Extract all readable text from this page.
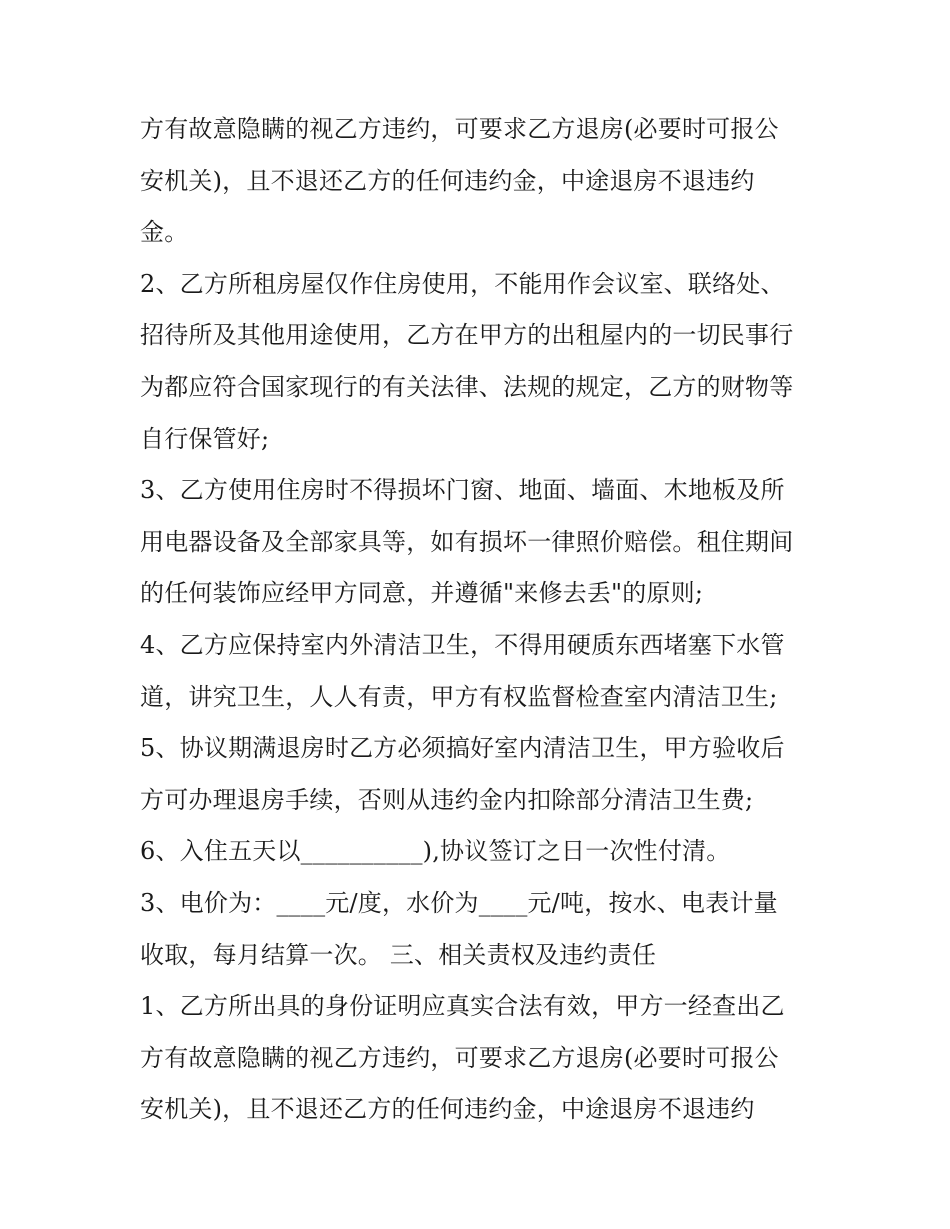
方有故意隐瞒的视乙方违约，可要求乙方退房(必要时可报公
安机关)，且不退还乙方的任何违约金，中途退房不退违约
金。
2、乙方所租房屋仅作住房使用，不能用作会议室、联络处、
招待所及其他用途使用，乙方在甲方的出租屋内的一切民事行
为都应符合国家现行的有关法律、法规的规定，乙方的财物等
自行保管好;
3、乙方使用住房时不得损坏门窗、地面、墙面、木地板及所
用电器设备及全部家具等，如有损坏一律照价赔偿。租住期间
的任何装饰应经甲方同意，并遵循"来修去丢"的原则;
4、乙方应保持室内外清洁卫生，不得用硬质东西堵塞下水管
道，讲究卫生，人人有责，甲方有权监督检查室内清洁卫生;
5、协议期满退房时乙方必须搞好室内清洁卫生，甲方验收后
方可办理退房手续，否则从违约金内扣除部分清洁卫生费;
6、入住五天以__________),协议签订之日一次性付清。
3、电价为：____元/度，水价为____元/吨，按水、电表计量
收取，每月结算一次。 三、相关责权及违约责任
1、乙方所出具的身份证明应真实合法有效，甲方一经查出乙
方有故意隐瞒的视乙方违约，可要求乙方退房(必要时可报公
安机关)，且不退还乙方的任何违约金，中途退房不退违约
